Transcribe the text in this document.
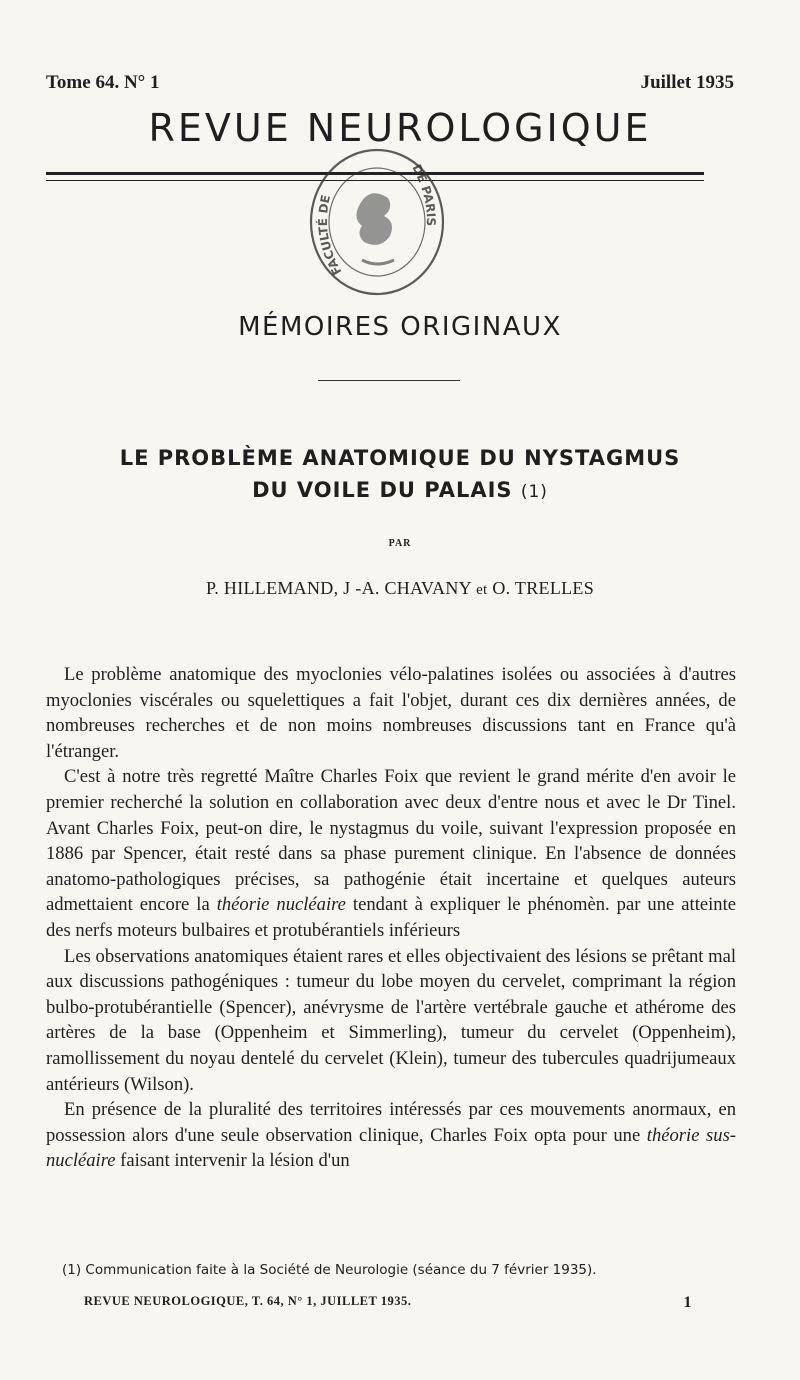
Tome 64. N° 1	Juillet 1935
REVUE NEUROLOGIQUE
FACULTÉ DE
DE PARIS
MÉMOIRES ORIGINAUX
LE PROBLÈME ANATOMIQUE DU NYSTAGMUS
DU VOILE DU PALAIS (1)
PAR
P. HILLEMAND, J -A. CHAVANY et O. TRELLES

Le problème anatomique des myoclonies vélo-palatines isolées ou associées à d'autres myoclonies viscérales ou squelettiques a fait l'objet, durant ces dix dernières années, de nombreuses recherches et de non moins nombreuses discussions tant en France qu'à l'étranger.

C'est à notre très regretté Maître Charles Foix que revient le grand mérite d'en avoir le premier recherché la solution en collaboration avec deux d'entre nous et avec le Dr Tinel. Avant Charles Foix, peut-on dire, le nystagmus du voile, suivant l'expression proposée en 1886 par Spencer, était resté dans sa phase purement clinique. En l'absence de données anatomo-pathologiques précises, sa pathogénie était incertaine et quelques auteurs admettaient encore la théorie nucléaire tendant à expliquer le phénomèn. par une atteinte des nerfs moteurs bulbaires et protubérantiels inférieurs

Les observations anatomiques étaient rares et elles objectivaient des lésions se prêtant mal aux discussions pathogéniques : tumeur du lobe moyen du cervelet, comprimant la région bulbo-protubérantielle (Spencer), anévrysme de l'artère vertébrale gauche et athérome des artères de la base (Oppenheim et Simmerling), tumeur du cervelet (Oppenheim), ramollissement du noyau dentelé du cervelet (Klein), tumeur des tubercules quadrijumeaux antérieurs (Wilson).

En présence de la pluralité des territoires intéressés par ces mouvements anormaux, en possession alors d'une seule observation clinique, Charles Foix opta pour une théorie sus-nucléaire faisant intervenir la lésion d'un

(1) Communication faite à la Société de Neurologie (séance du 7 février 1935).
REVUE NEUROLOGIQUE, T. 64, N° 1, JUILLET 1935.	1
